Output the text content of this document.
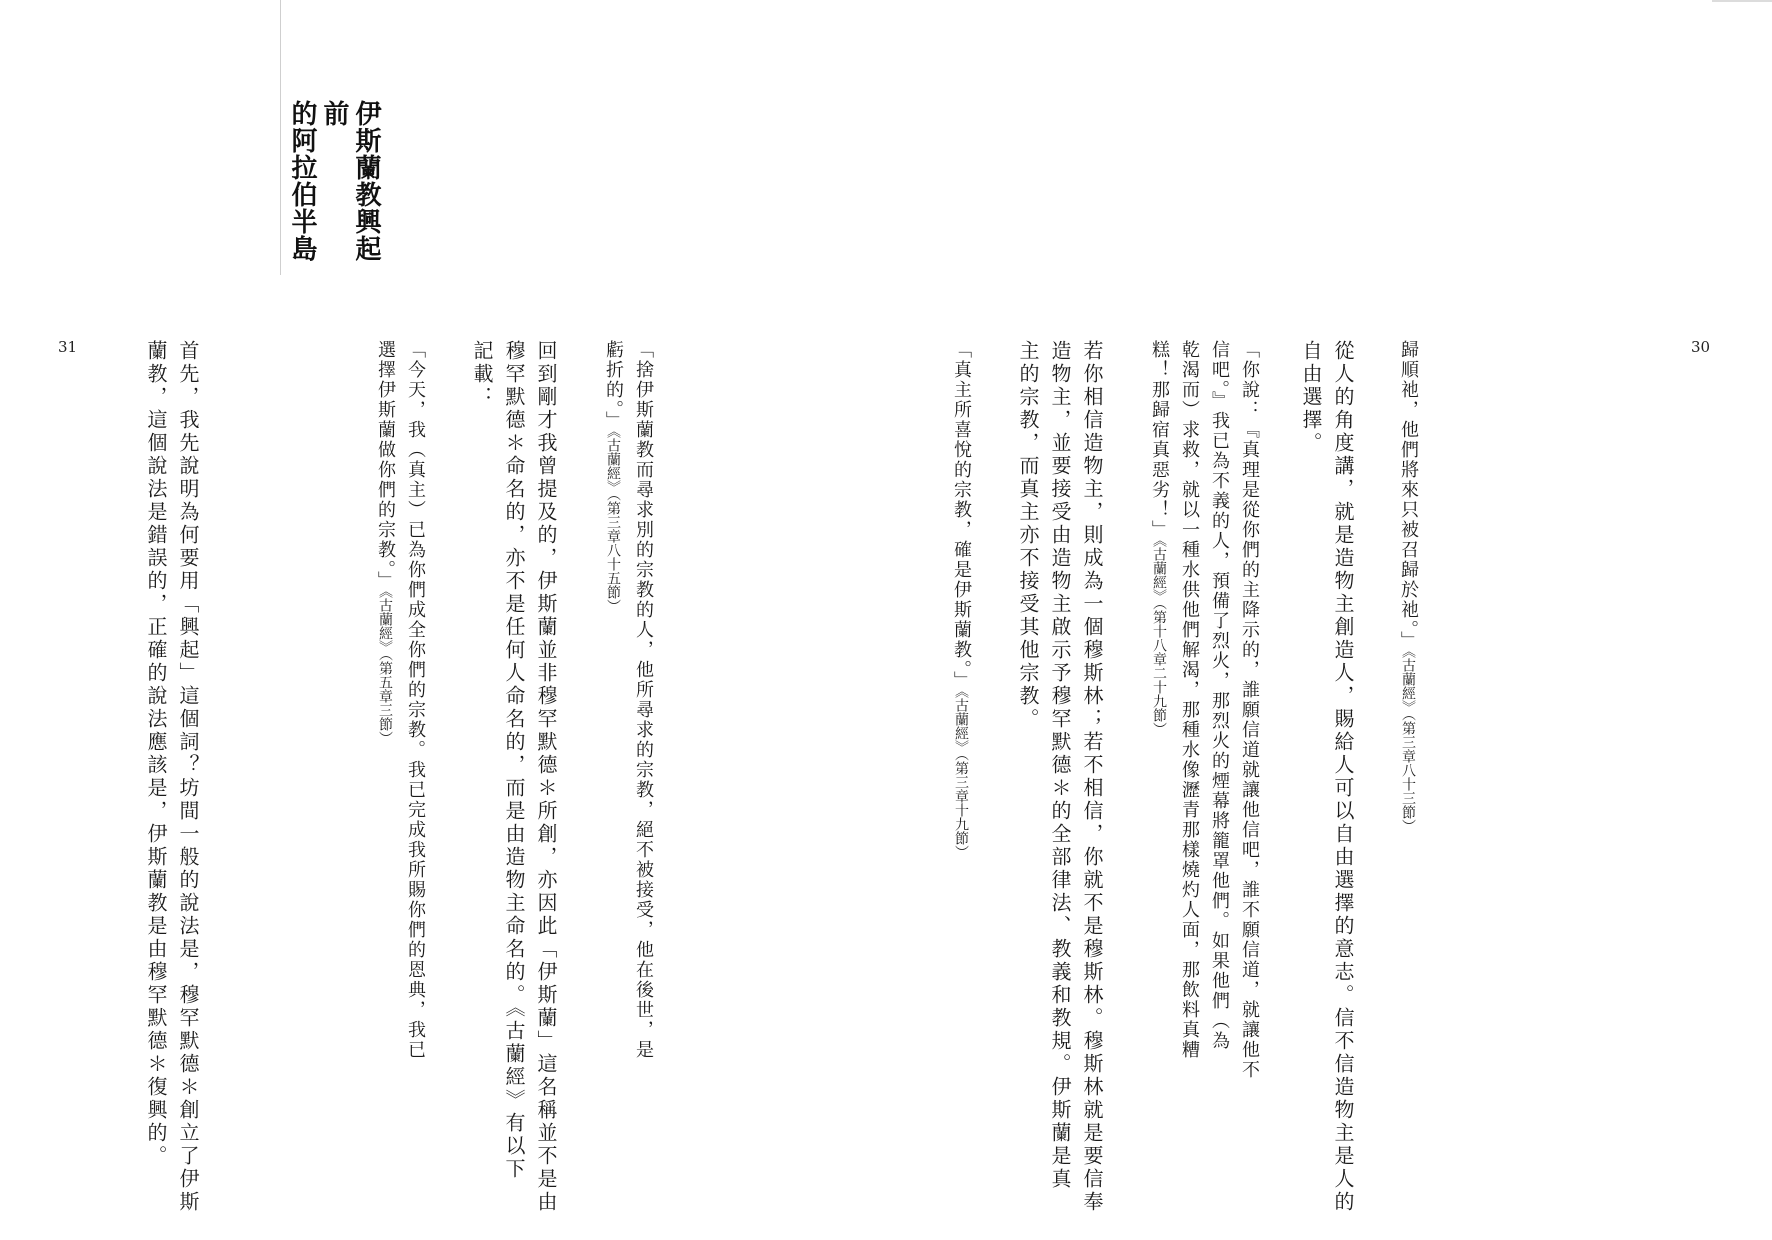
伊斯蘭教興起前
的阿拉伯半島
31	「捨伊斯蘭教而尋求別的宗教的人，他所尋求的宗教，絕不被接受，他在後世，是
虧折的。」《古蘭經》（第三章八十五節）
回到剛才我曾提及的，伊斯蘭並非穆罕默德＊所創，亦因此「伊斯蘭」這名稱並不是由
穆罕默德＊命名的，亦不是任何人命名的，而是由造物主命名的。《古蘭經》有以下
記載：
「今天，我（真主）已為你們成全你們的宗教。我已完成我所賜你們的恩典，我已
選擇伊斯蘭做你們的宗教。」《古蘭經》（第五章三節）
首先，我先說明為何要用「興起」這個詞？坊間一般的說法是，穆罕默德＊創立了伊斯
蘭教，這個說法是錯誤的，正確的說法應該是，伊斯蘭教是由穆罕默德＊復興的。	30
歸順祂，他們將來只被召歸於祂。」《古蘭經》（第三章八十三節）
從人的角度講，就是造物主創造人，賜給人可以自由選擇的意志。信不信造物主是人的
自由選擇。
「你說：『真理是從你們的主降示的，誰願信道就讓他信吧，誰不願信道，就讓他不
信吧。』我已為不義的人，預備了烈火，那烈火的煙幕將籠罩他們。如果他們（為
乾渴而）求救，就以一種水供他們解渴，那種水像瀝青那樣燒灼人面，那飲料真糟
糕！那歸宿真惡劣！」《古蘭經》（第十八章二十九節）
若你相信造物主，則成為一個穆斯林；若不相信，你就不是穆斯林。穆斯林就是要信奉
造物主，並要接受由造物主啟示予穆罕默德＊的全部律法、教義和教規。伊斯蘭是真
主的宗教，而真主亦不接受其他宗教。
「真主所喜悅的宗教，確是伊斯蘭教。」《古蘭經》（第三章十九節）
